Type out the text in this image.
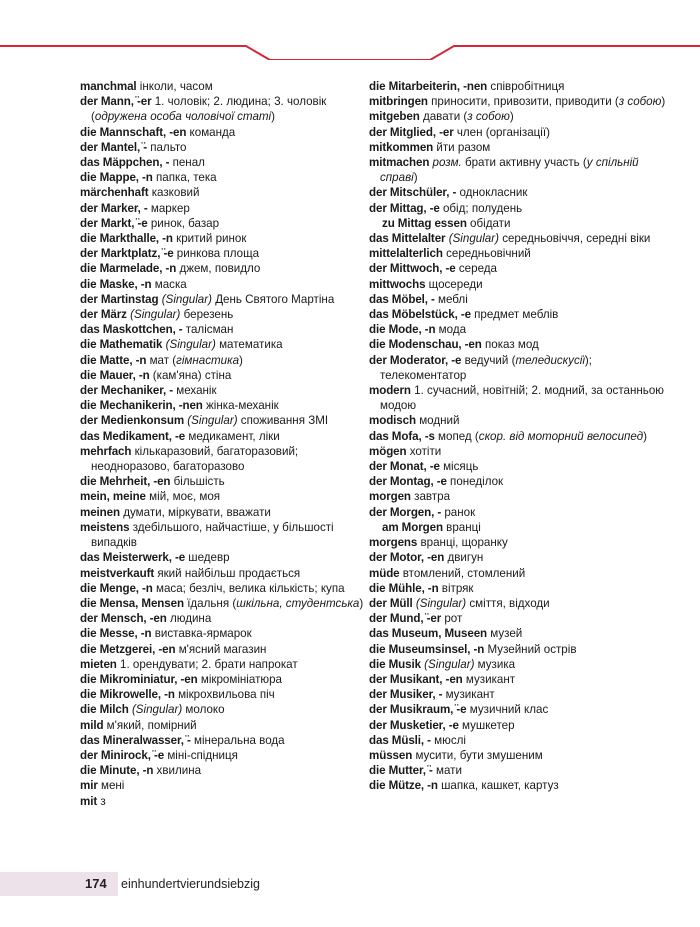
manchmal інколи, часом
der Mann, ̈-er 1. чоловік; 2. людина; 3. чоловік (одружена особа чоловічої статі)
die Mannschaft, -en команда
der Mantel, ̈- пальто
das Mäppchen, - пенал
die Mappe, -n папка, тека
märchenhaft казковий
der Marker, - маркер
der Markt, ̈-e ринок, базар
die Markthalle, -n критий ринок
der Marktplatz, ̈-e ринкова площа
die Marmelade, -n джем, повидло
die Maske, -n маска
der Martinstag (Singular) День Святого Мартіна
der März (Singular) березень
das Maskottchen, - талісман
die Mathematik (Singular) математика
die Matte, -n мат (гімнастика)
die Mauer, -n (кам'яна) стіна
der Mechaniker, - механік
die Mechanikerin, -nen жінка-механік
der Medienkonsum (Singular) споживання ЗМІ
das Medikament, -e медикамент, ліки
mehrfach кількаразовий, багаторазовий; неодноразово, багаторазово
die Mehrheit, -en більшість
mein, meine мій, моє, моя
meinen думати, міркувати, вважати
meistens здебільшого, найчастіше, у більшості випадків
das Meisterwerk, -e шедевр
meistverkauft який найбільш продається
die Menge, -n маса; безліч, велика кількість; купа
die Mensa, Mensen їдальня (шкільна, студентська)
der Mensch, -en людина
die Messe, -n виставка-ярмарок
die Metzgerei, -en м'ясний магазин
mieten 1. орендувати; 2. брати напрокат
die Mikrominiatur, -en мікромініатюра
die Mikrowelle, -n мікрохвильова піч
die Milch (Singular) молоко
mild м'який, помірний
das Mineralwasser, ̈- мінеральна вода
der Minirock, ̈-e міні-спідниця
die Minute, -n хвилина
mir мені
mit з
die Mitarbeiterin, -nen співробітниця
mitbringen приносити, привозити, приводити (з собою)
mitgeben давати (з собою)
der Mitglied, -er член (організації)
mitkommen йти разом
mitmachen розм. брати активну участь (у спільній справі)
der Mitschüler, - однокласник
der Mittag, -e обід; полудень
zu Mittag essen обідати
das Mittelalter (Singular) середньовіччя, середні віки
mittelalterlich середньовічний
der Mittwoch, -e середа
mittwochs щосереди
das Möbel, - меблі
das Möbelstück, -e предмет меблів
die Mode, -n мода
die Modenschau, -en показ мод
der Moderator, -e ведучий (теледискусії); телекоментатор
modern 1. сучасний, новітній; 2. модний, за останньою модою
modisch модний
das Mofa, -s мопед (скор. від моторний велосипед)
mögen хотіти
der Monat, -e місяць
der Montag, -e понеділок
morgen завтра
der Morgen, - ранок
am Morgen вранці
morgens вранці, щоранку
der Motor, -en двигун
müde втомлений, стомлений
die Mühle, -n вітряк
der Müll (Singular) сміття, відходи
der Mund, ̈-er рот
das Museum, Museen музей
die Museumsinsel, -n Музейний острів
die Musik (Singular) музика
der Musikant, -en музикант
der Musiker, - музикант
der Musikraum, ̈-e музичний клас
der Musketier, -e мушкетер
das Müsli, - мюслі
müssen мусити, бути змушеним
die Mutter, ̈- мати
die Mütze, -n шапка, кашкет, картуз
174 einhundertvierundsiebzig
